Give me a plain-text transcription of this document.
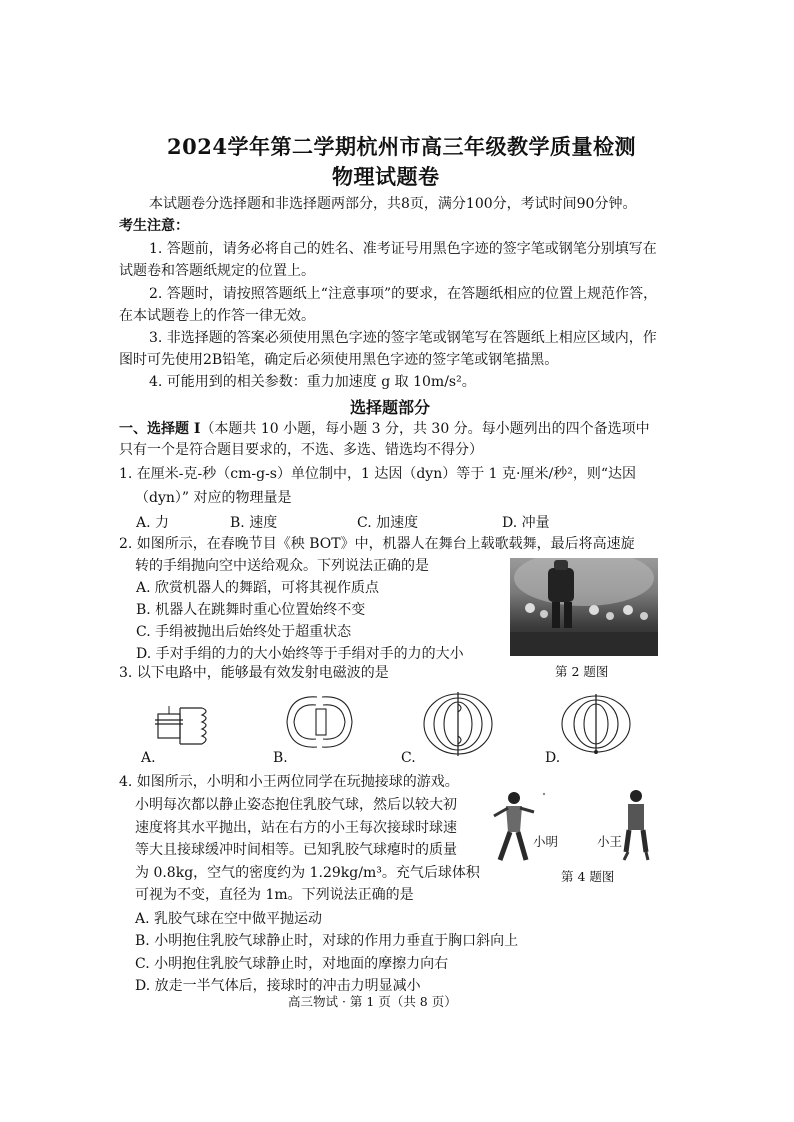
2024学年第二学期杭州市高三年级教学质量检测
物理试题卷
本试题卷分选择题和非选择题两部分，共8页，满分100分，考试时间90分钟。
考生注意：
1. 答题前，请务必将自己的姓名、准考证号用黑色字迹的签字笔或钢笔分别填写在
试题卷和答题纸规定的位置上。
2. 答题时，请按照答题纸上“注意事项”的要求，在答题纸相应的位置上规范作答，
在本试题卷上的作答一律无效。
3. 非选择题的答案必须使用黑色字迹的签字笔或钢笔写在答题纸上相应区域内，作
图时可先使用2B铅笔，确定后必须使用黑色字迹的签字笔或钢笔描黑。
4. 可能用到的相关参数：重力加速度 g 取 10m/s²。
选择题部分
一、选择题 I（本题共 10 小题，每小题 3 分，共 30 分。每小题列出的四个备选项中
只有一个是符合题目要求的，不选、多选、错选均不得分）
1. 在厘米-克-秒（cm-g-s）单位制中，1 达因（dyn）等于 1 克·厘米/秒²，则“达因
（dyn）” 对应的物理量是
A. 力	B. 速度	C. 加速度	D. 冲量
2. 如图所示，在春晚节目《秧 BOT》中，机器人在舞台上载歌载舞，最后将高速旋
转的手绢抛向空中送给观众。下列说法正确的是
A. 欣赏机器人的舞蹈，可将其视作质点
B. 机器人在跳舞时重心位置始终不变
C. 手绢被抛出后始终处于超重状态
D. 手对手绢的力的大小始终等于手绢对手的力的大小
第 2 题图
3. 以下电路中，能够最有效发射电磁波的是
A.	B.	C.	D.
4. 如图所示，小明和小王两位同学在玩抛接球的游戏。
小明每次都以静止姿态抱住乳胶气球，然后以较大初
速度将其水平抛出，站在右方的小王每次接球时球速
等大且接球缓冲时间相等。已知乳胶气球瘪时的质量
为 0.8kg，空气的密度约为 1.29kg/m³。充气后球体积
可视为不变，直径为 1m。下列说法正确的是
A. 乳胶气球在空中做平抛运动
B. 小明抱住乳胶气球静止时，对球的作用力垂直于胸口斜向上
C. 小明抱住乳胶气球静止时，对地面的摩擦力向右
D. 放走一半气体后，接球时的冲击力明显减小
小明	小王
第 4 题图
高三物试 · 第 1 页（共 8 页）
